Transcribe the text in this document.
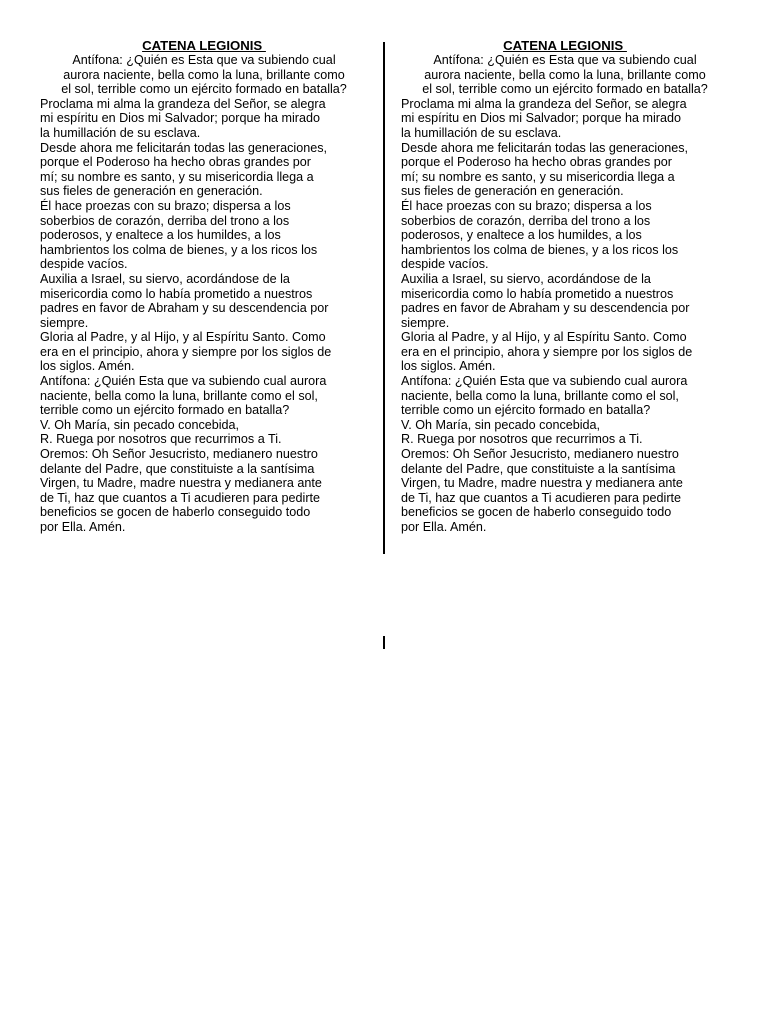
CATENA LEGIONIS
Antífona: ¿Quién es Esta que va subiendo cual
aurora naciente, bella como la luna, brillante como
el sol, terrible como un ejército formado en batalla?
Proclama mi alma la grandeza del Señor, se alegra
mi espíritu en Dios mi Salvador; porque ha mirado
la humillación de su esclava.
Desde ahora me felicitarán todas las generaciones,
porque el Poderoso ha hecho obras grandes por
mí; su nombre es santo, y su misericordia llega a
sus fieles de generación en generación.
Él hace proezas con su brazo; dispersa a los
soberbios de corazón, derriba del trono a los
poderosos, y enaltece a los humildes, a los
hambrientos los colma de bienes, y a los ricos los
despide vacíos.
Auxilia a Israel, su siervo, acordándose de la
misericordia como lo había prometido a nuestros
padres en favor de Abraham y su descendencia por
siempre.
Gloria al Padre, y al Hijo, y al Espíritu Santo. Como
era en el principio, ahora y siempre por los siglos de
los siglos. Amén.
Antífona: ¿Quién Esta que va subiendo cual aurora
naciente, bella como la luna, brillante como el sol,
terrible como un ejército formado en batalla?
V. Oh María, sin pecado concebida,
R. Ruega por nosotros que recurrimos a Ti.
Oremos: Oh Señor Jesucristo, medianero nuestro
delante del Padre, que constituiste a la santísima
Virgen, tu Madre, madre nuestra y medianera ante
de Ti, haz que cuantos a Ti acudieren para pedirte
beneficios se gocen de haberlo conseguido todo
por Ella. Amén.
CATENA LEGIONIS
Antífona: ¿Quién es Esta que va subiendo cual
aurora naciente, bella como la luna, brillante como
el sol, terrible como un ejército formado en batalla?
Proclama mi alma la grandeza del Señor, se alegra
mi espíritu en Dios mi Salvador; porque ha mirado
la humillación de su esclava.
Desde ahora me felicitarán todas las generaciones,
porque el Poderoso ha hecho obras grandes por
mí; su nombre es santo, y su misericordia llega a
sus fieles de generación en generación.
Él hace proezas con su brazo; dispersa a los
soberbios de corazón, derriba del trono a los
poderosos, y enaltece a los humildes, a los
hambrientos los colma de bienes, y a los ricos los
despide vacíos.
Auxilia a Israel, su siervo, acordándose de la
misericordia como lo había prometido a nuestros
padres en favor de Abraham y su descendencia por
siempre.
Gloria al Padre, y al Hijo, y al Espíritu Santo. Como
era en el principio, ahora y siempre por los siglos de
los siglos. Amén.
Antífona: ¿Quién Esta que va subiendo cual aurora
naciente, bella como la luna, brillante como el sol,
terrible como un ejército formado en batalla?
V. Oh María, sin pecado concebida,
R. Ruega por nosotros que recurrimos a Ti.
Oremos: Oh Señor Jesucristo, medianero nuestro
delante del Padre, que constituiste a la santísima
Virgen, tu Madre, madre nuestra y medianera ante
de Ti, haz que cuantos a Ti acudieren para pedirte
beneficios se gocen de haberlo conseguido todo
por Ella. Amén.
